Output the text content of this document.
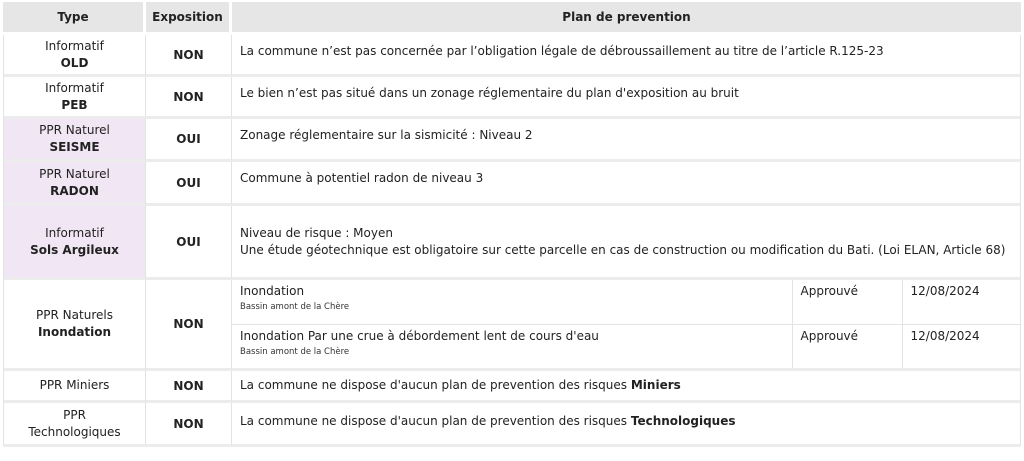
Type	Exposition	Plan de prevention

Informatif
OLD
	NON	La commune n’est pas concernée par l’obligation légale de débroussaillement au titre de l’article R.125-23

Informatif
PEB
	NON	Le bien n’est pas situé dans un zonage réglementaire du plan d'exposition au bruit

PPR Naturel
SEISME
	OUI	Zonage réglementaire sur la sismicité : Niveau 2

PPR Naturel
RADON
	OUI	Commune à potentiel radon de niveau 3

Informatif
Sols Argileux
	OUI	
Niveau de risque : Moyen
Une étude géotechnique est obligatoire sur cette parcelle en cas de construction ou modification du Bati. (Loi ELAN, Article 68)

PPR Naturels
Inondation
	NON	
Inondation
Bassin amont de la Chère
	Approuvé	12/08/2024
Inondation Par une crue à débordement lent de cours d'eau
Bassin amont de la Chère
	Approuvé	12/08/2024

PPR Miniers	NON	La commune ne dispose d'aucun plan de prevention des risques Miniers

PPR
Technologiques
	NON	La commune ne dispose d'aucun plan de prevention des risques Technologiques
